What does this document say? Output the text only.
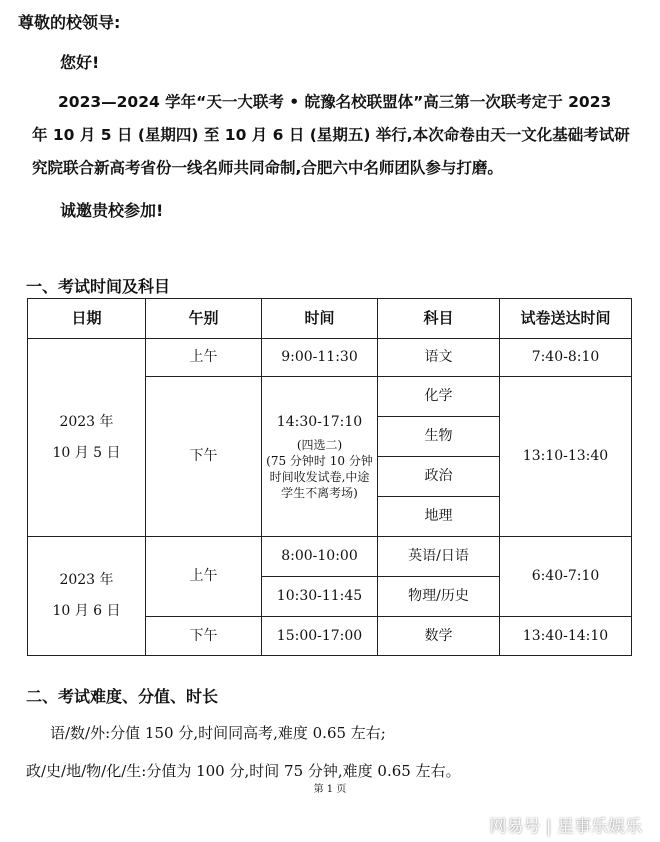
尊敬的校领导:
您好!
2023—2024 学年“天一大联考 • 皖豫名校联盟体”高三第一次联考定于 2023 年 10 月 5 日 (星期四) 至 10 月 6 日 (星期五) 举行,本次命卷由天一文化基础考试研究院联合新高考省份一线名师共同命制,合肥六中名师团队参与打磨。
诚邀贵校参加!
一、考试时间及科目
日期	午别	时间	科目	试卷送达时间

2023 年
10 月 5 日	上午	9:00-11:30	语文	7:40-8:10
	下午	14:30-17:10
(四选二)
(75 分钟时 10 分钟
时间收发试卷,中途
学生不离考场)	化学	13:10-13:40
			生物	
			政治	
			地理	

2023 年
10 月 6 日	上午	8:00-10:00	英语/日语	6:40-7:10
		10:30-11:45	物理/历史	
	下午	15:00-17:00	数学	13:40-14:10
二、考试难度、分值、时长
语/数/外:分值 150 分,时间同高考,难度 0.65 左右;
政/史/地/物/化/生:分值为 100 分,时间 75 分钟,难度 0.65 左右。
第 1 页
网易号 | 星事乐娱乐
